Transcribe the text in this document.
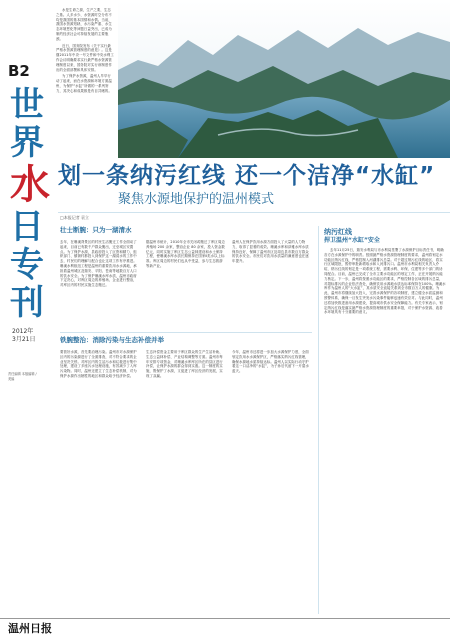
B2
世
界
水
日
专
刊
2012年
3月21日
责任编辑 本版编辑 / 美编

水是生命之源，生产之要，生态之基。人多水少、水资源时空分布不均是我国的基本国情和水情。当前，我国水资源短缺、水污染严重、水生态环境恶化等问题日益突出，已成为制约经济社会可持续发展的主要瓶颈。

近日，国务院发布《关于实行最严格水资源管理制度的意见》。这是继2011年中央一号文件和中央水利工作会议明确要求实行最严格水资源管理制度以来，国务院对实行该制度作出的全面部署和具体安排。

为了保护水资源，温州人早早行动了起来，而在水资源和环境方面温州，为保护“水缸”所做的一系列努力，其决心和成果都是有目共睹的。

划一条纳污红线 还一个洁净“水缸”
聚焦水源地保护的温州模式
□本报记者 袁立
壮士断腕：只为一湖清水
去年，在珊溪背景区的村民生活搬迁工作全面动了起来，目前已有数千户群众搬出，迁至城区安置点。为了保护水源，县政府投入了巨资和精力，组织部门、镇街村都投入到保护这一湖清水的工作中去，村民们的理解与配合也让这项工作有序推进。珊溪水利枢纽工程是温州的重要饮用水水源地，承担着温州城区及瑞安、平阳、苍南等地数百万人口的饮水安全。为了保护珊溪水库水质，温州市政府下定决心，对库区周边的养殖场、企业进行整治，对库区内的村民实施生态搬迁。
据温州市统计，2010年全市关闭或搬迁了库区周边养殖场 200 余家，整治企业 80 余家，投入资金数亿元，同时实施了库区生态公益林建设和水土保持工程，使珊溪水库水质长期保持在国家Ⅱ类水以上标准。库区周边的村民们也从中受益，参与生态旅游等新产业。
温州人在保护饮用水源方面投入了大量的人力物力，取得了显著的成效。珊溪水库和泽雅水库水质保持良好，保障了温州市区及周边县市数百万群众的饮水安全。市民们对饮用水质量的满意度也在逐年提升。
铁腕整治：消除污染与生态补偿并举
要管好水源，首先要治理污染。温州市对水源保护区内的污染源进行了全面排查，对不符合要求的企业坚决关停。对库区内的生活污水和垃圾进行集中处理，建设了多座污水处理设施，有效减少了入库污染物。同时，温州还建立了生态补偿机制，对为保护水源作出牺牲的地区和群众给予经济补偿。
生态补偿资金主要用于库区群众的生产生活补助、生态公益林补偿、产业结构调整等方面。温州市每年安排专项资金，对珊溪水库库区所在的县区进行补偿，让保护水源的群众得到实惠。这一制度的实施，既保护了水源，又促进了库区经济的发展，实现了双赢。
今年，温州市还将进一步加大水源保护力度，全面划定饮用水水源保护区，严格落实纳污红线管理，确保水源地水质持续达标。温州人以实际行动守护着这一口洁净的“水缸”，为子孙后代留下一片碧水蓝天。
纳污红线
捍卫温州“水缸”安全
去年11月25日，瑞安水利局与市水利局签署了水源保护目标责任书，明确各方在水源保护中的职责。按照最严格水资源管理制度的要求，温州将划定水功能区纳污红线，严格控制入河湖排污总量。对于超过纳污红线的地区，将实行区域限批，暂停审批新增取水和入河排污口。温州市水利局相关负责人介绍，纳污红线的划定是一项系统工程，需要水利、环保、住建等多个部门的协同配合。目前，温州已完成了全市主要水功能区的划定工作，正在开展纳污能力核定。下一步，温州将按照水功能区的要求，严格控制各区域的排污总量，对超标排污的企业依法查处，确保饮用水源地水质达标率保持在100%。珊溪水库作为温州人的“大水缸”，其水质安全直接关系到全市数百万人的健康。为此，温州市将继续加大投入，完善水源保护的各项制度，建立健全水质监测和预警体系，确保一旦发生突发水污染事件能够迅速有效应对。与此同时，温州还将加快推进备用水源建设，提高城市供水安全保障能力。有关专家表示，划定纳污红线是落实最严格水资源管理制度的重要举措，对于保护水资源、改善水环境具有十分重要的意义。
温州日报
